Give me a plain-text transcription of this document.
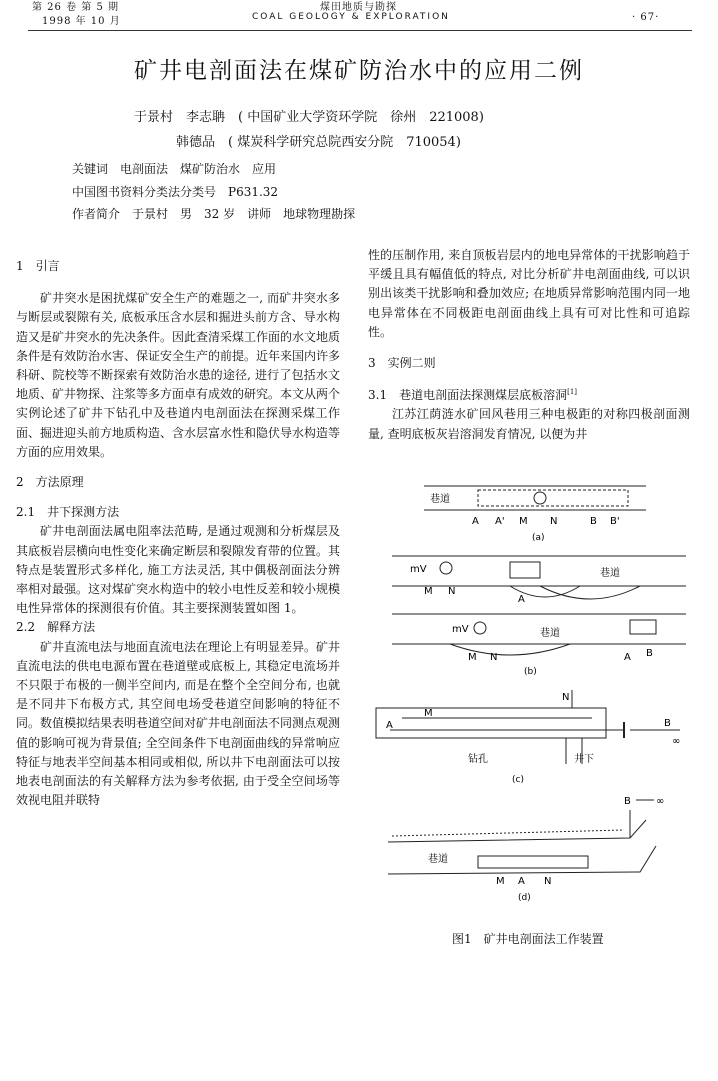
第 26 卷 第 5 期
1998 年 10 月
煤田地质与勘探
COAL GEOLOGY & EXPLORATION	· 67·
矿井电剖面法在煤矿防治水中的应用二例
于景村　李志聃　( 中国矿业大学资环学院　徐州　221008)
韩德品　( 煤炭科学研究总院西安分院　710054)
关键词　电剖面法　煤矿防治水　应用
中国图书资料分类法分类号　P631.32
作者简介　于景村　男　32 岁　讲师　地球物理勘探
1　引言

矿井突水是困扰煤矿安全生产的难题之一, 而矿井突水多与断层或裂隙有关, 底板承压含水层和掘进头前方含、导水构造又是矿井突水的先决条件。因此查清采煤工作面的水文地质条件是有效防治水害、保证安全生产的前提。近年来国内许多科研、院校等不断探索有效防治水患的途径, 进行了包括水文地质、矿井物探、注浆等多方面卓有成效的研究。本文从两个实例论述了矿井下钻孔中及巷道内电剖面法在探测采煤工作面、掘进迎头前方地质构造、含水层富水性和隐伏导水构造等方面的应用效果。

2　方法原理
2.1　井下探测方法

矿井电剖面法属电阻率法范畴, 是通过观测和分析煤层及其底板岩层横向电性变化来确定断层和裂隙发育带的位置。其特点是装置形式多样化, 施工方法灵活, 其中偶极剖面法分辨率相对最强。这对煤矿突水构造中的较小电性反差和较小规模电性异常体的探测很有价值。其主要探测装置如图 1。

2.2　解释方法

矿井直流电法与地面直流电法在理论上有明显差异。矿井直流电法的供电电源布置在巷道壁或底板上, 其稳定电流场并不只限于布极的一侧半空间内, 而是在整个全空间分布, 也就是不同井下布极方式, 其空间电场受巷道空间影响的特征不同。数值模拟结果表明巷道空间对矿井电剖面法不同测点观测值的影响可视为背景值; 全空间条件下电剖面曲线的异常响应特征与地表半空间基本相同或相似, 所以井下电剖面法可以按地表电剖面法的有关解释方法为参考依据, 由于受全空间场等效视电阻并联特

性的压制作用, 来自顶板岩层内的地电异常体的干扰影响趋于平缓且具有幅值低的特点, 对比分析矿井电剖面曲线, 可以识别出该类干扰影响和叠加效应; 在地质异常影响范围内同一地电异常体在不同极距电剖面曲线上具有可对比性和可追踪性。

3　实例二则
3.1　巷道电剖面法探测煤层底板溶洞[1]

江苏江荫涟水矿回风巷用三种电极距的对称四极剖面测量, 查明底板灰岩溶洞发育情况, 以便为井

巷道
A A' M N	B B'
(a)
mV	巷道
M N
A
mV	巷道
M N	A B
(b)
N
M
A	B
∞
钻孔	井下
(c)
B	∞
巷道
M A N
(d)
图1　矿井电剖面法工作装置
